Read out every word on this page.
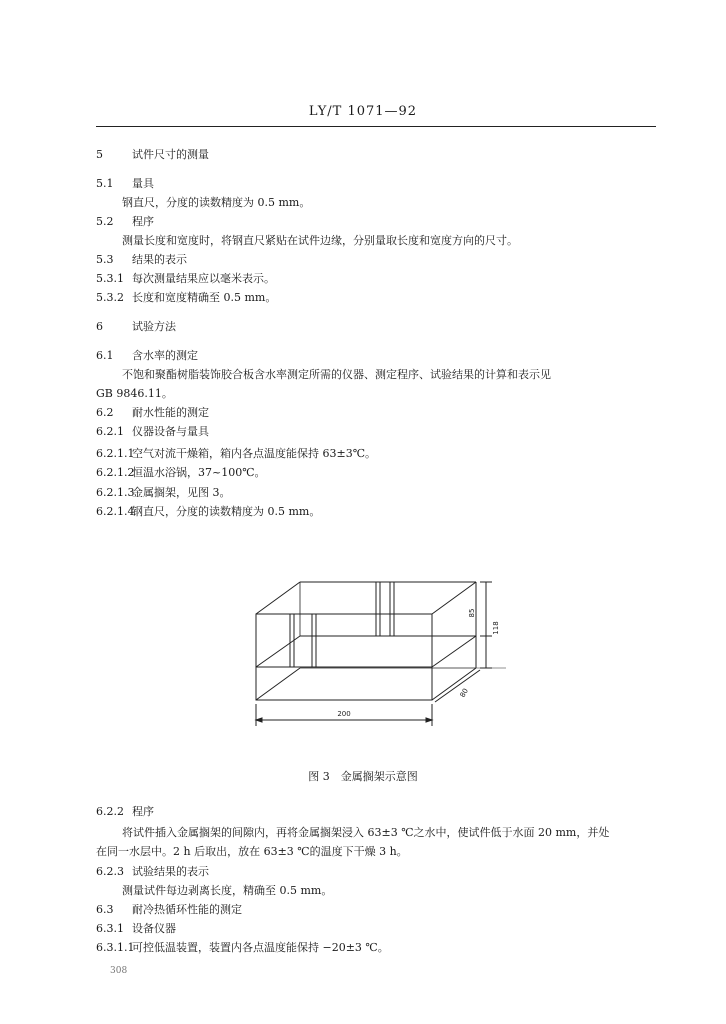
LY/T 1071—92
5	试件尺寸的测量
5.1 量具
钢直尺，分度的读数精度为 0.5 mm。
5.2 程序
测量长度和宽度时，将钢直尺紧贴在试件边缘，分别量取长度和宽度方向的尺寸。
5.3 结果的表示
5.3.1 每次测量结果应以毫米表示。
5.3.2 长度和宽度精确至 0.5 mm。
6	试验方法
6.1 含水率的测定
不饱和聚酯树脂装饰胶合板含水率测定所需的仪器、测定程序、试验结果的计算和表示见
GB 9846.11。
6.2 耐水性能的测定
6.2.1 仪器设备与量具
6.2.1.1空气对流干燥箱，箱内各点温度能保持 63±3℃。
6.2.1.2恒温水浴锅，37~100℃。
6.2.1.3金属搁架，见图 3。
6.2.1.4钢直尺，分度的读数精度为 0.5 mm。
6.2.2 程序
将试件插入金属搁架的间隙内，再将金属搁架浸入 63±3 ℃之水中，使试件低于水面 20 mm，并处
在同一水层中。2 h 后取出，放在 63±3 ℃的温度下干燥 3 h。
6.2.3 试验结果的表示
测量试件每边剥离长度，精确至 0.5 mm。
6.3 耐冷热循环性能的测定
6.3.1 设备仪器
6.3.1.1可控低温装置，装置内各点温度能保持 −20±3 ℃。
200
85
118
80
图 3　金属搁架示意图
308
